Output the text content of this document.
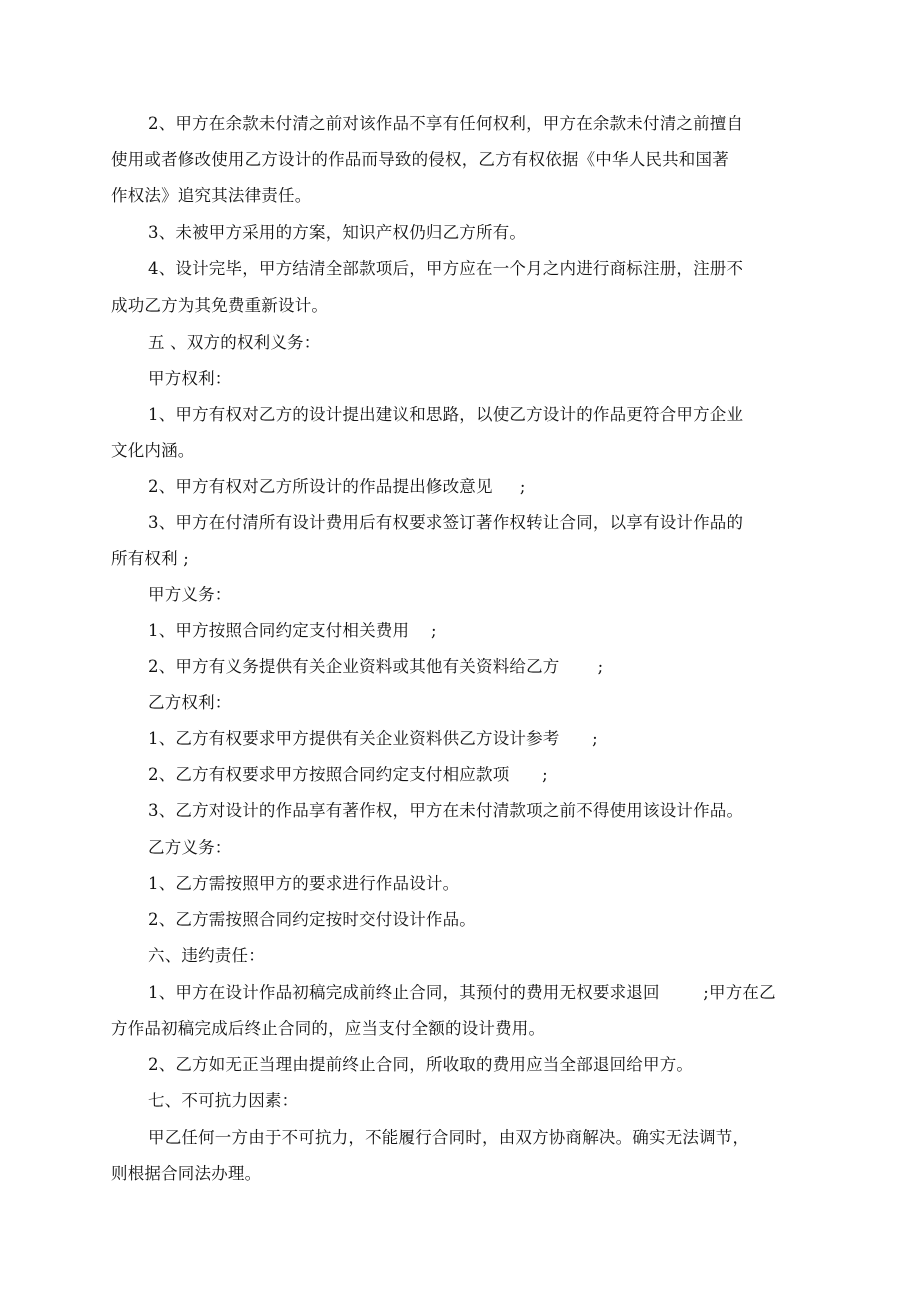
2、甲方在余款未付清之前对该作品不享有任何权利，甲方在余款未付清之前擅自
使用或者修改使用乙方设计的作品而导致的侵权，乙方有权依据《中华人民共和国著
作权法》追究其法律责任。
3、未被甲方采用的方案，知识产权仍归乙方所有。
4、设计完毕，甲方结清全部款项后，甲方应在一个月之内进行商标注册，注册不
成功乙方为其免费重新设计。
五 、双方的权利义务：
甲方权利：
1、甲方有权对乙方的设计提出建议和思路，以使乙方设计的作品更符合甲方企业
文化内涵。
2、甲方有权对乙方所设计的作品提出修改意见     ;
3、甲方在付清所有设计费用后有权要求签订著作权转让合同，以享有设计作品的
所有权利 ;
甲方义务：
1、甲方按照合同约定支付相关费用    ;
2、甲方有义务提供有关企业资料或其他有关资料给乙方       ;
乙方权利：
1、乙方有权要求甲方提供有关企业资料供乙方设计参考      ;
2、乙方有权要求甲方按照合同约定支付相应款项      ;
3、乙方对设计的作品享有著作权，甲方在未付清款项之前不得使用该设计作品。
乙方义务：
1、乙方需按照甲方的要求进行作品设计。
2、乙方需按照合同约定按时交付设计作品。
六、违约责任：
1、甲方在设计作品初稿完成前终止合同，其预付的费用无权要求退回        ;甲方在乙
方作品初稿完成后终止合同的，应当支付全额的设计费用。
2、乙方如无正当理由提前终止合同，所收取的费用应当全部退回给甲方。
七、不可抗力因素：
甲乙任何一方由于不可抗力，不能履行合同时，由双方协商解决。确实无法调节，
则根据合同法办理。
